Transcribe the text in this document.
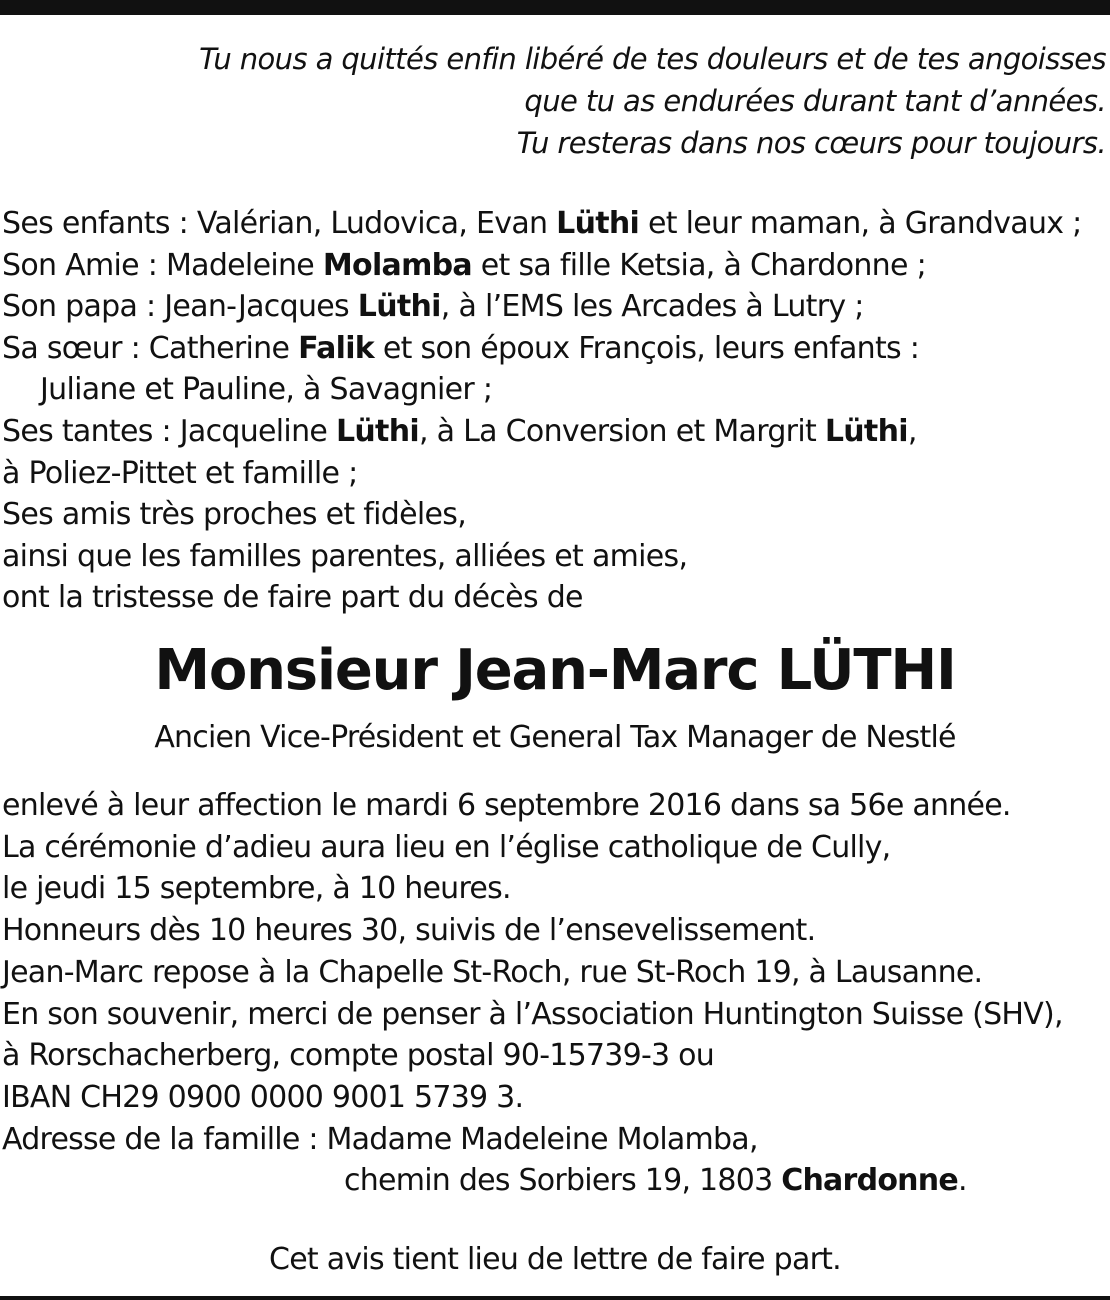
Tu nous a quittés enfin libéré de tes douleurs et de tes angoisses
que tu as endurées durant tant d’années.
Tu resteras dans nos cœurs pour toujours.
Ses enfants : Valérian, Ludovica, Evan Lüthi et leur maman, à Grandvaux ;
Son Amie : Madeleine Molamba et sa fille Ketsia, à Chardonne ;
Son papa : Jean-Jacques Lüthi, à l’EMS les Arcades à Lutry ;
Sa sœur : Catherine Falik et son époux François, leurs enfants :
Juliane et Pauline, à Savagnier ;
Ses tantes : Jacqueline Lüthi, à La Conversion et Margrit Lüthi,
à Poliez-Pittet et famille ;
Ses amis très proches et fidèles,
ainsi que les familles parentes, alliées et amies,
ont la tristesse de faire part du décès de
Monsieur Jean-Marc LÜTHI
Ancien Vice-Président et General Tax Manager de Nestlé
enlevé à leur affection le mardi 6 septembre 2016 dans sa 56e année.
La cérémonie d’adieu aura lieu en l’église catholique de Cully,
le jeudi 15 septembre, à 10 heures.
Honneurs dès 10 heures 30, suivis de l’ensevelissement.
Jean-Marc repose à la Chapelle St-Roch, rue St-Roch 19, à Lausanne.
En son souvenir, merci de penser à l’Association Huntington Suisse (SHV),
à Rorschacherberg, compte postal 90-15739-3 ou
IBAN CH29 0900 0000 9001 5739 3.
Adresse de la famille : Madame Madeleine Molamba,
chemin des Sorbiers 19, 1803 Chardonne.
Cet avis tient lieu de lettre de faire part.
